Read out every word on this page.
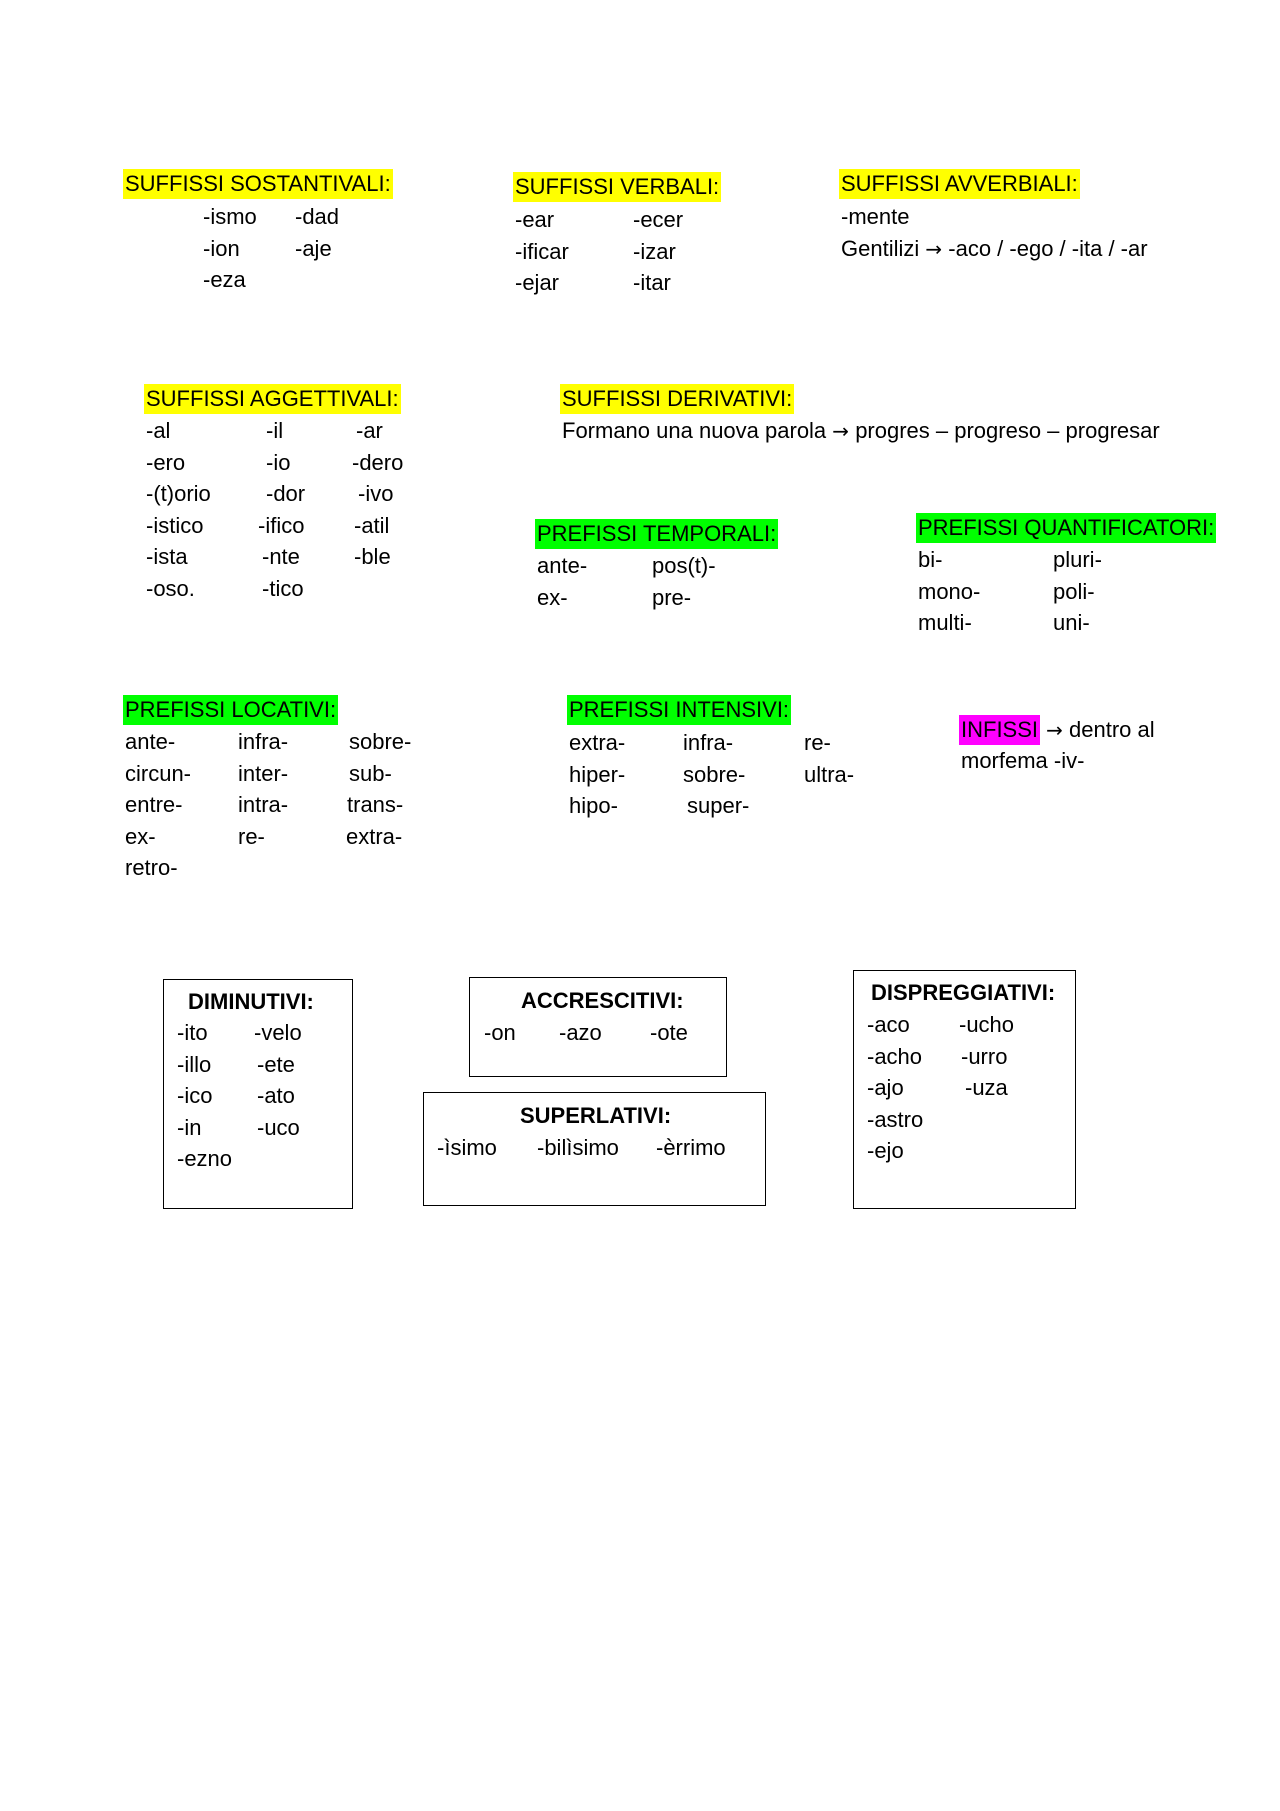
SUFFISSI SOSTANTIVALI:
-ismo
-ion
-eza
-dad
-aje
SUFFISSI VERBALI:
-ear
-ificar
-ejar
-ecer
-izar
-itar
SUFFISSI AVVERBIALI:
-mente
Gentilizi → -aco / -ego / -ita / -ar
SUFFISSI AGGETTIVALI:
-al
-ero
-(t)orio
-istico
-ista
-oso.
-il
-io
-dor
-ifico
-nte
-tico
-ar
-dero
-ivo
-atil
-ble
SUFFISSI DERIVATIVI:
Formano una nuova parola → progres – progreso – progresar
PREFISSI TEMPORALI:
ante-
ex-
pos(t)-
pre-
PREFISSI QUANTIFICATORI:
bi-
mono-
multi-
pluri-
poli-
uni-
PREFISSI LOCATIVI:
ante-
circun-
entre-
ex-
retro-
infra-
inter-
intra-
re-
sobre-
sub-
trans-
extra-
PREFISSI INTENSIVI:
extra-
hiper-
hipo-
infra-
sobre-
super-
re-
ultra-
INFISSI → dentro al
morfema -iv-
DIMINUTIVI:
-ito
-illo
-ico
-in
-ezno
-velo
-ete
-ato
-uco
ACCRESCITIVI:
-on -azo -ote
SUPERLATIVI:
-ìsimo -bilìsimo -èrrimo
DISPREGGIATIVI:
-aco
-acho
-ajo
-astro
-ejo
-ucho
-urro
-uza
